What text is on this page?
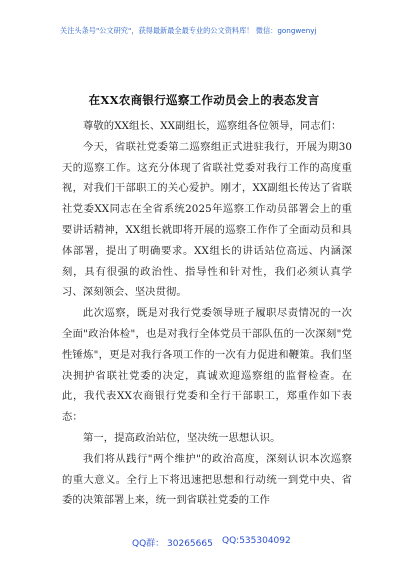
关注头条号"公文研究"，获得最新最全最专业的公文资料库！ 微信：gongwenyj
在XX农商银行巡察工作动员会上的表态发言

尊敬的XX组长、XX副组长，巡察组各位领导，同志们：

今天，省联社党委第二巡察组正式进驻我行，开展为期30天的巡察工作。这充分体现了省联社党委对我行工作的高度重视，对我们干部职工的关心爱护。刚才，XX副组长传达了省联社党委XX同志在全省系统2025年巡察工作动员部署会上的重要讲话精神，XX组长就即将开展的巡察工作作了全面动员和具体部署，提出了明确要求。XX组长的讲话站位高远、内涵深刻，具有很强的政治性、指导性和针对性，我们必须认真学习、深刻领会、坚决贯彻。

此次巡察，既是对我行党委领导班子履职尽责情况的一次全面"政治体检"，也是对我行全体党员干部队伍的一次深刻"党性锤炼"，更是对我行各项工作的一次有力促进和鞭策。我们坚决拥护省联社党委的决定，真诚欢迎巡察组的监督检查。在此，我代表XX农商银行党委和全行干部职工，郑重作如下表态：

第一，提高政治站位，坚决统一思想认识。

我们将从践行"两个维护"的政治高度，深刻认识本次巡察的重大意义。全行上下将迅速把思想和行动统一到党中央、省委的决策部署上来，统一到省联社党委的工作

QQ群： 30265665 QQ:535304092
